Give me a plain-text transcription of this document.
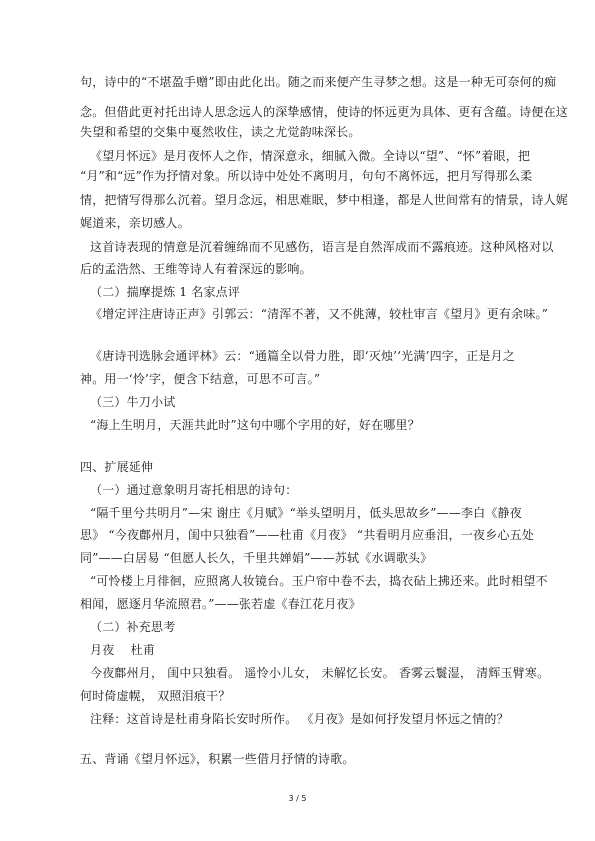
句，诗中的“不堪盈手赠”即由此化出。随之而来便产生寻梦之想。这是一种无可奈何的痴
念。但借此更衬托出诗人思念远人的深挚感情，使诗的怀远更为具体、更有含蕴。诗便在这
失望和希望的交集中戛然收住，读之尤觉韵味深长。
《望月怀远》是月夜怀人之作，情深意永，细腻入微。全诗以“望”、“怀”着眼，把
“月”和“远”作为抒情对象。所以诗中处处不离明月，句句不离怀远，把月写得那么柔
情，把情写得那么沉着。望月念远，相思难眠，梦中相逢，都是人世间常有的情景，诗人娓
娓道来，亲切感人。
这首诗表现的情意是沉着缠绵而不见感伤，语言是自然浑成而不露痕迹。这种风格对以
后的孟浩然、王维等诗人有着深远的影响。
（二）揣摩提炼 1 名家点评
《增定评注唐诗正声》引郭云：“清浑不著，又不佻薄，较杜审言《望月》更有余味。”
《唐诗刊选脉会通评林》云：“通篇全以骨力胜，即‘灭烛’‘光满’四字，正是月之
神。用一‘怜’字，便含下结意，可思不可言。”
（三）牛刀小试
“海上生明月，天涯共此时”这句中哪个字用的好，好在哪里？
四、扩展延伸
（一）通过意象明月寄托相思的诗句：
“隔千里兮共明月”—宋 谢庄《月赋》“举头望明月，低头思故乡”——李白《静夜
思》 “今夜鄜州月，闺中只独看”——杜甫《月夜》 “共看明月应垂泪，一夜乡心五处
同”——白居易 “但愿人长久，千里共婵娟”——苏轼《水调歌头》
“可怜楼上月徘徊，应照离人妆镜台。玉户帘中卷不去，捣衣砧上拂还来。此时相望不
相闻，愿逐月华流照君。”——张若虚《春江花月夜》
（二）补充思考
月夜　 杜甫
今夜鄜州月， 闺中只独看。 遥怜小儿女， 未解忆长安。 香雾云鬟湿， 清辉玉臂寒。
何时倚虚幌， 双照泪痕干？
注释：这首诗是杜甫身陷长安时所作。 《月夜》是如何抒发望月怀远之情的？
五、背诵《望月怀远》，积累一些借月抒情的诗歌。
3 / 5
